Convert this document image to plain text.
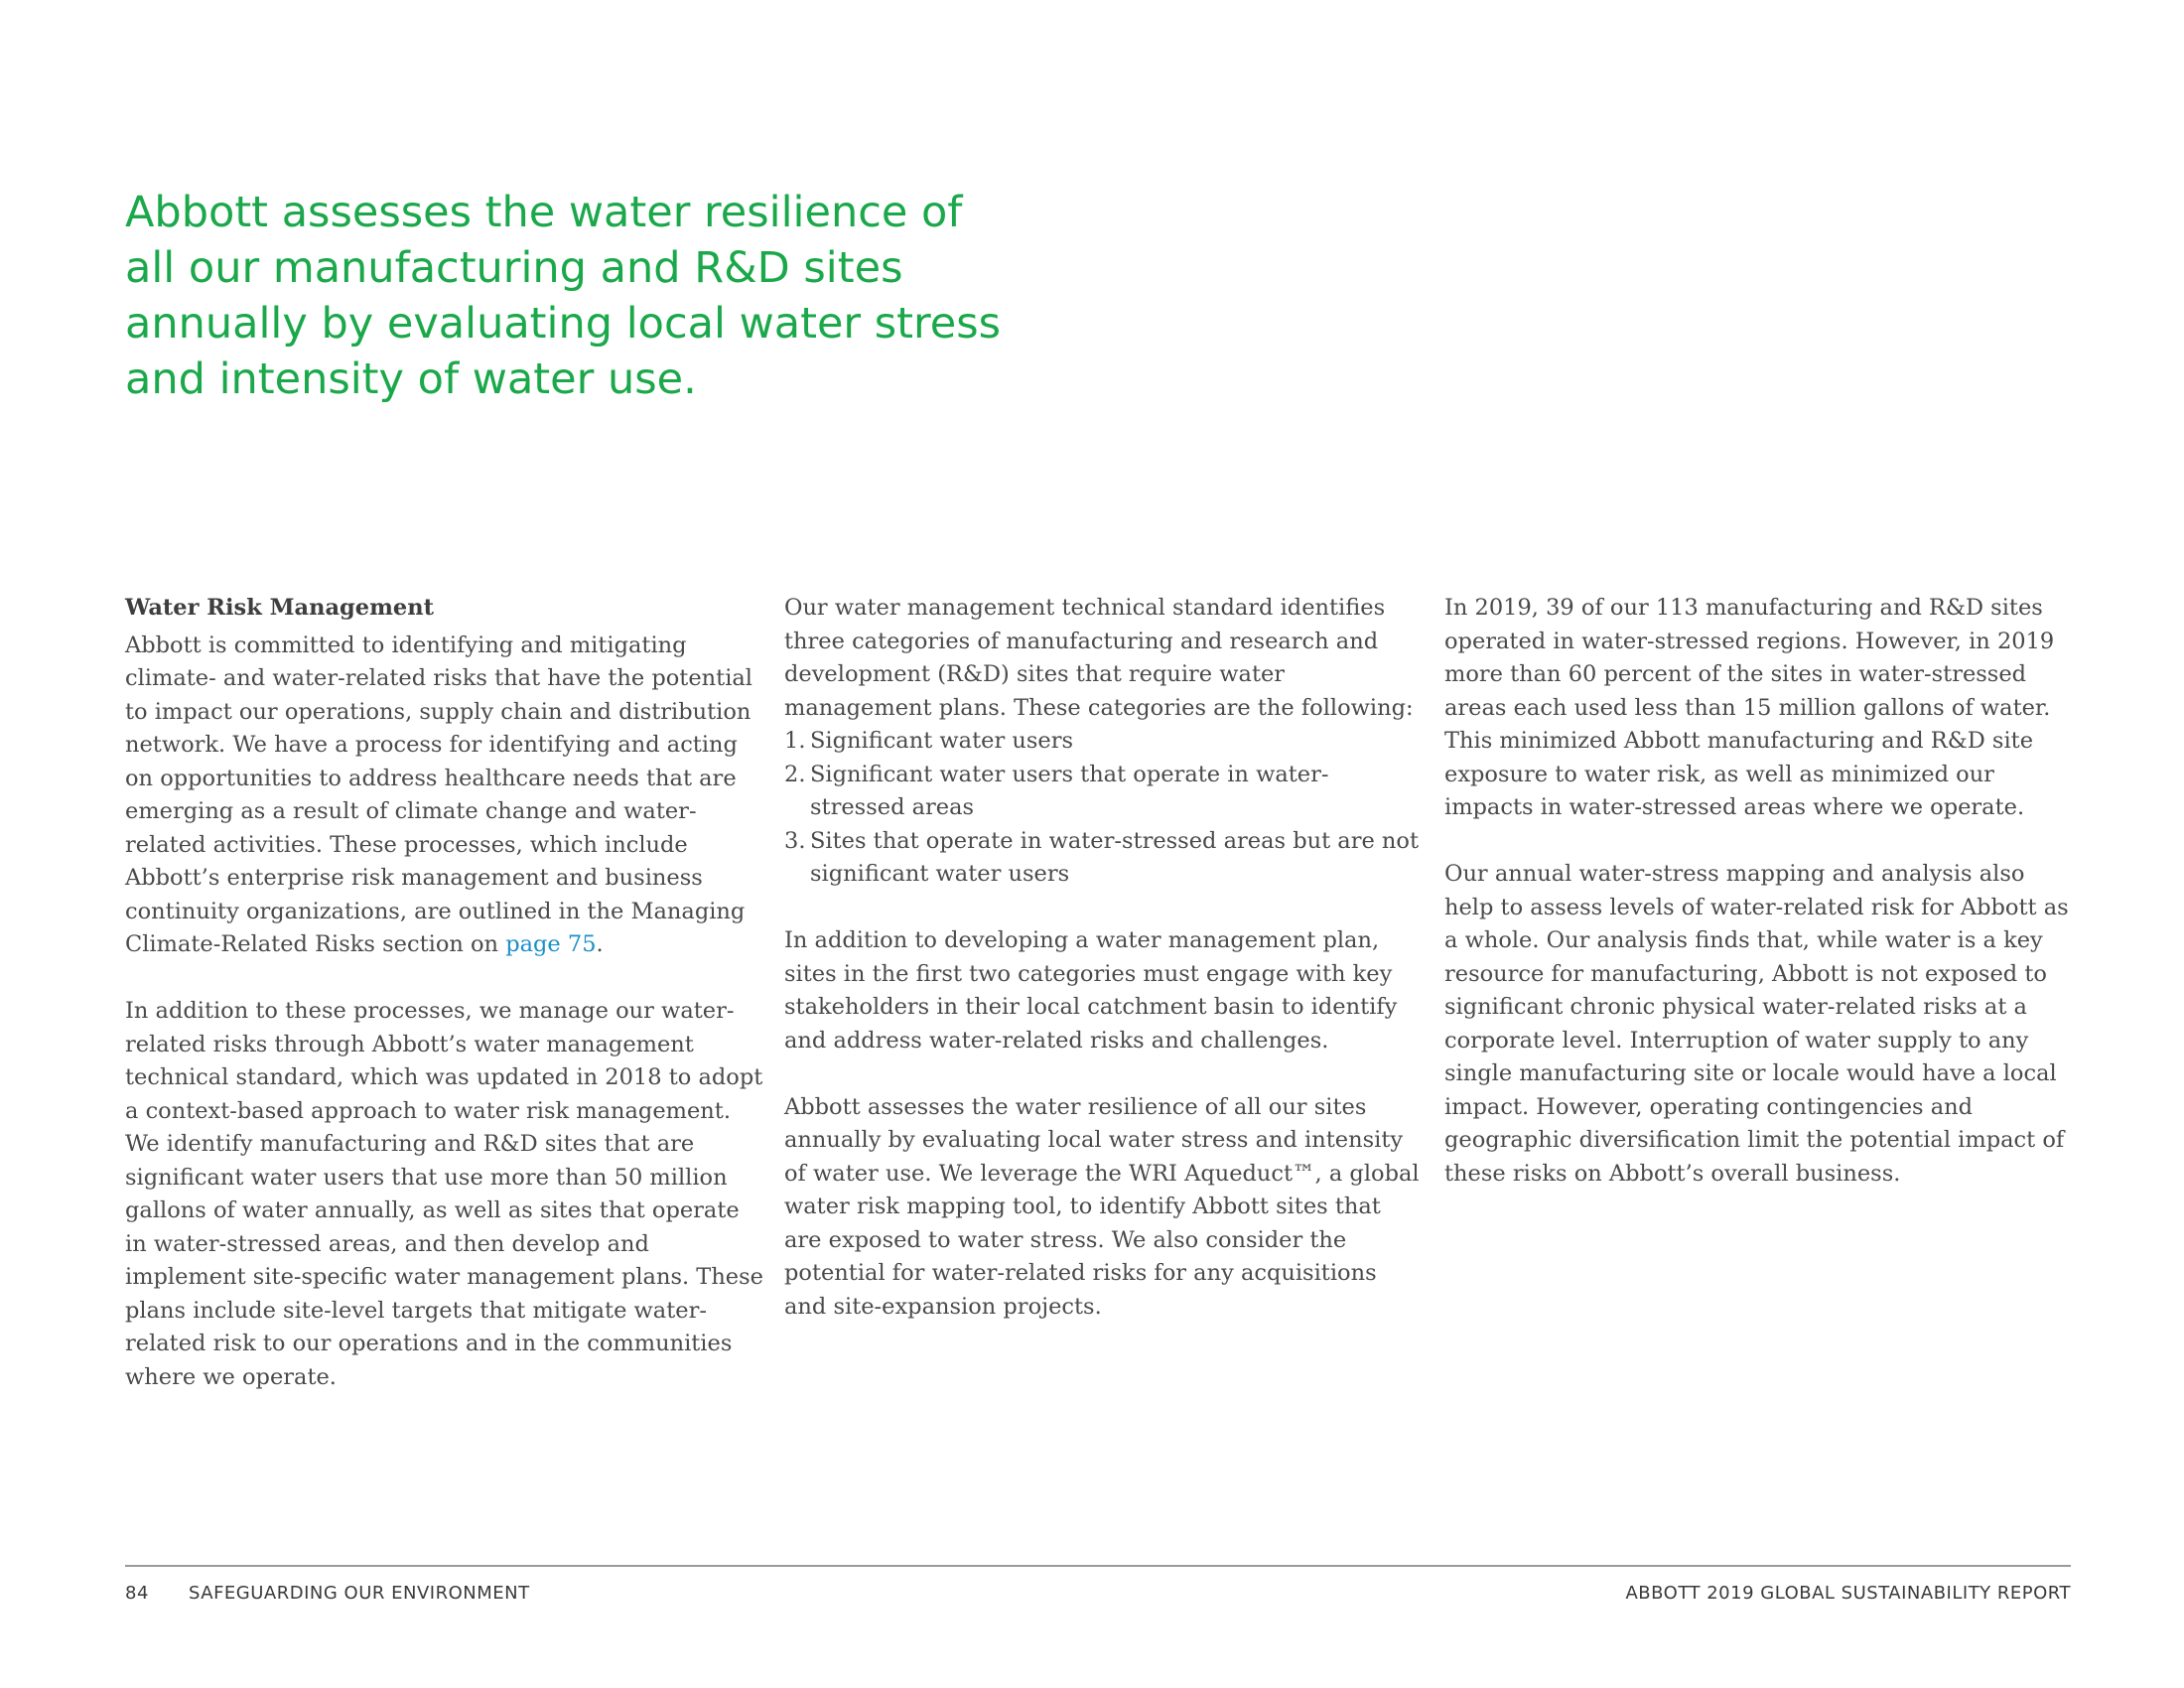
Abbott assesses the water resilience of all our manufacturing and R&D sites annually by evaluating local water stress and intensity of water use.
Water Risk Management

Abbott is committed to identifying and mitigating climate- and water-related risks that have the potential to impact our operations, supply chain and distribution network. We have a process for identifying and acting on opportunities to address healthcare needs that are emerging as a result of climate change and water-related activities. These processes, which include Abbott’s enterprise risk management and business continuity organizations, are outlined in the Managing Climate-Related Risks section on page 75.

In addition to these processes, we manage our water-related risks through Abbott’s water management technical standard, which was updated in 2018 to adopt a context-based approach to water risk management. We identify manufacturing and R&D sites that are significant water users that use more than 50 million gallons of water annually, as well as sites that operate in water-stressed areas, and then develop and implement site-specific water management plans. These plans include site-level targets that mitigate water-related risk to our operations and in the communities where we operate.

Our water management technical standard identifies three categories of manufacturing and research and development (R&D) sites that require water management plans. These categories are the following:

1. Significant water users
2. Significant water users that operate in water-stressed areas
3. Sites that operate in water-stressed areas but are not significant water users

In addition to developing a water management plan, sites in the first two categories must engage with key stakeholders in their local catchment basin to identify and address water-related risks and challenges.

Abbott assesses the water resilience of all our sites annually by evaluating local water stress and intensity of water use. We leverage the WRI Aqueduct™, a global water risk mapping tool, to identify Abbott sites that are exposed to water stress. We also consider the potential for water-related risks for any acquisitions and site-expansion projects.

In 2019, 39 of our 113 manufacturing and R&D sites operated in water-stressed regions. However, in 2019 more than 60 percent of the sites in water-stressed areas each used less than 15 million gallons of water. This minimized Abbott manufacturing and R&D site exposure to water risk, as well as minimized our impacts in water-stressed areas where we operate.

Our annual water-stress mapping and analysis also help to assess levels of water-related risk for Abbott as a whole. Our analysis finds that, while water is a key resource for manufacturing, Abbott is not exposed to significant chronic physical water-related risks at a corporate level. Interruption of water supply to any single manufacturing site or locale would have a local impact. However, operating contingencies and geographic diversification limit the potential impact of these risks on Abbott’s overall business.

84 SAFEGUARDING OUR ENVIRONMENT	ABBOTT 2019 GLOBAL SUSTAINABILITY REPORT
